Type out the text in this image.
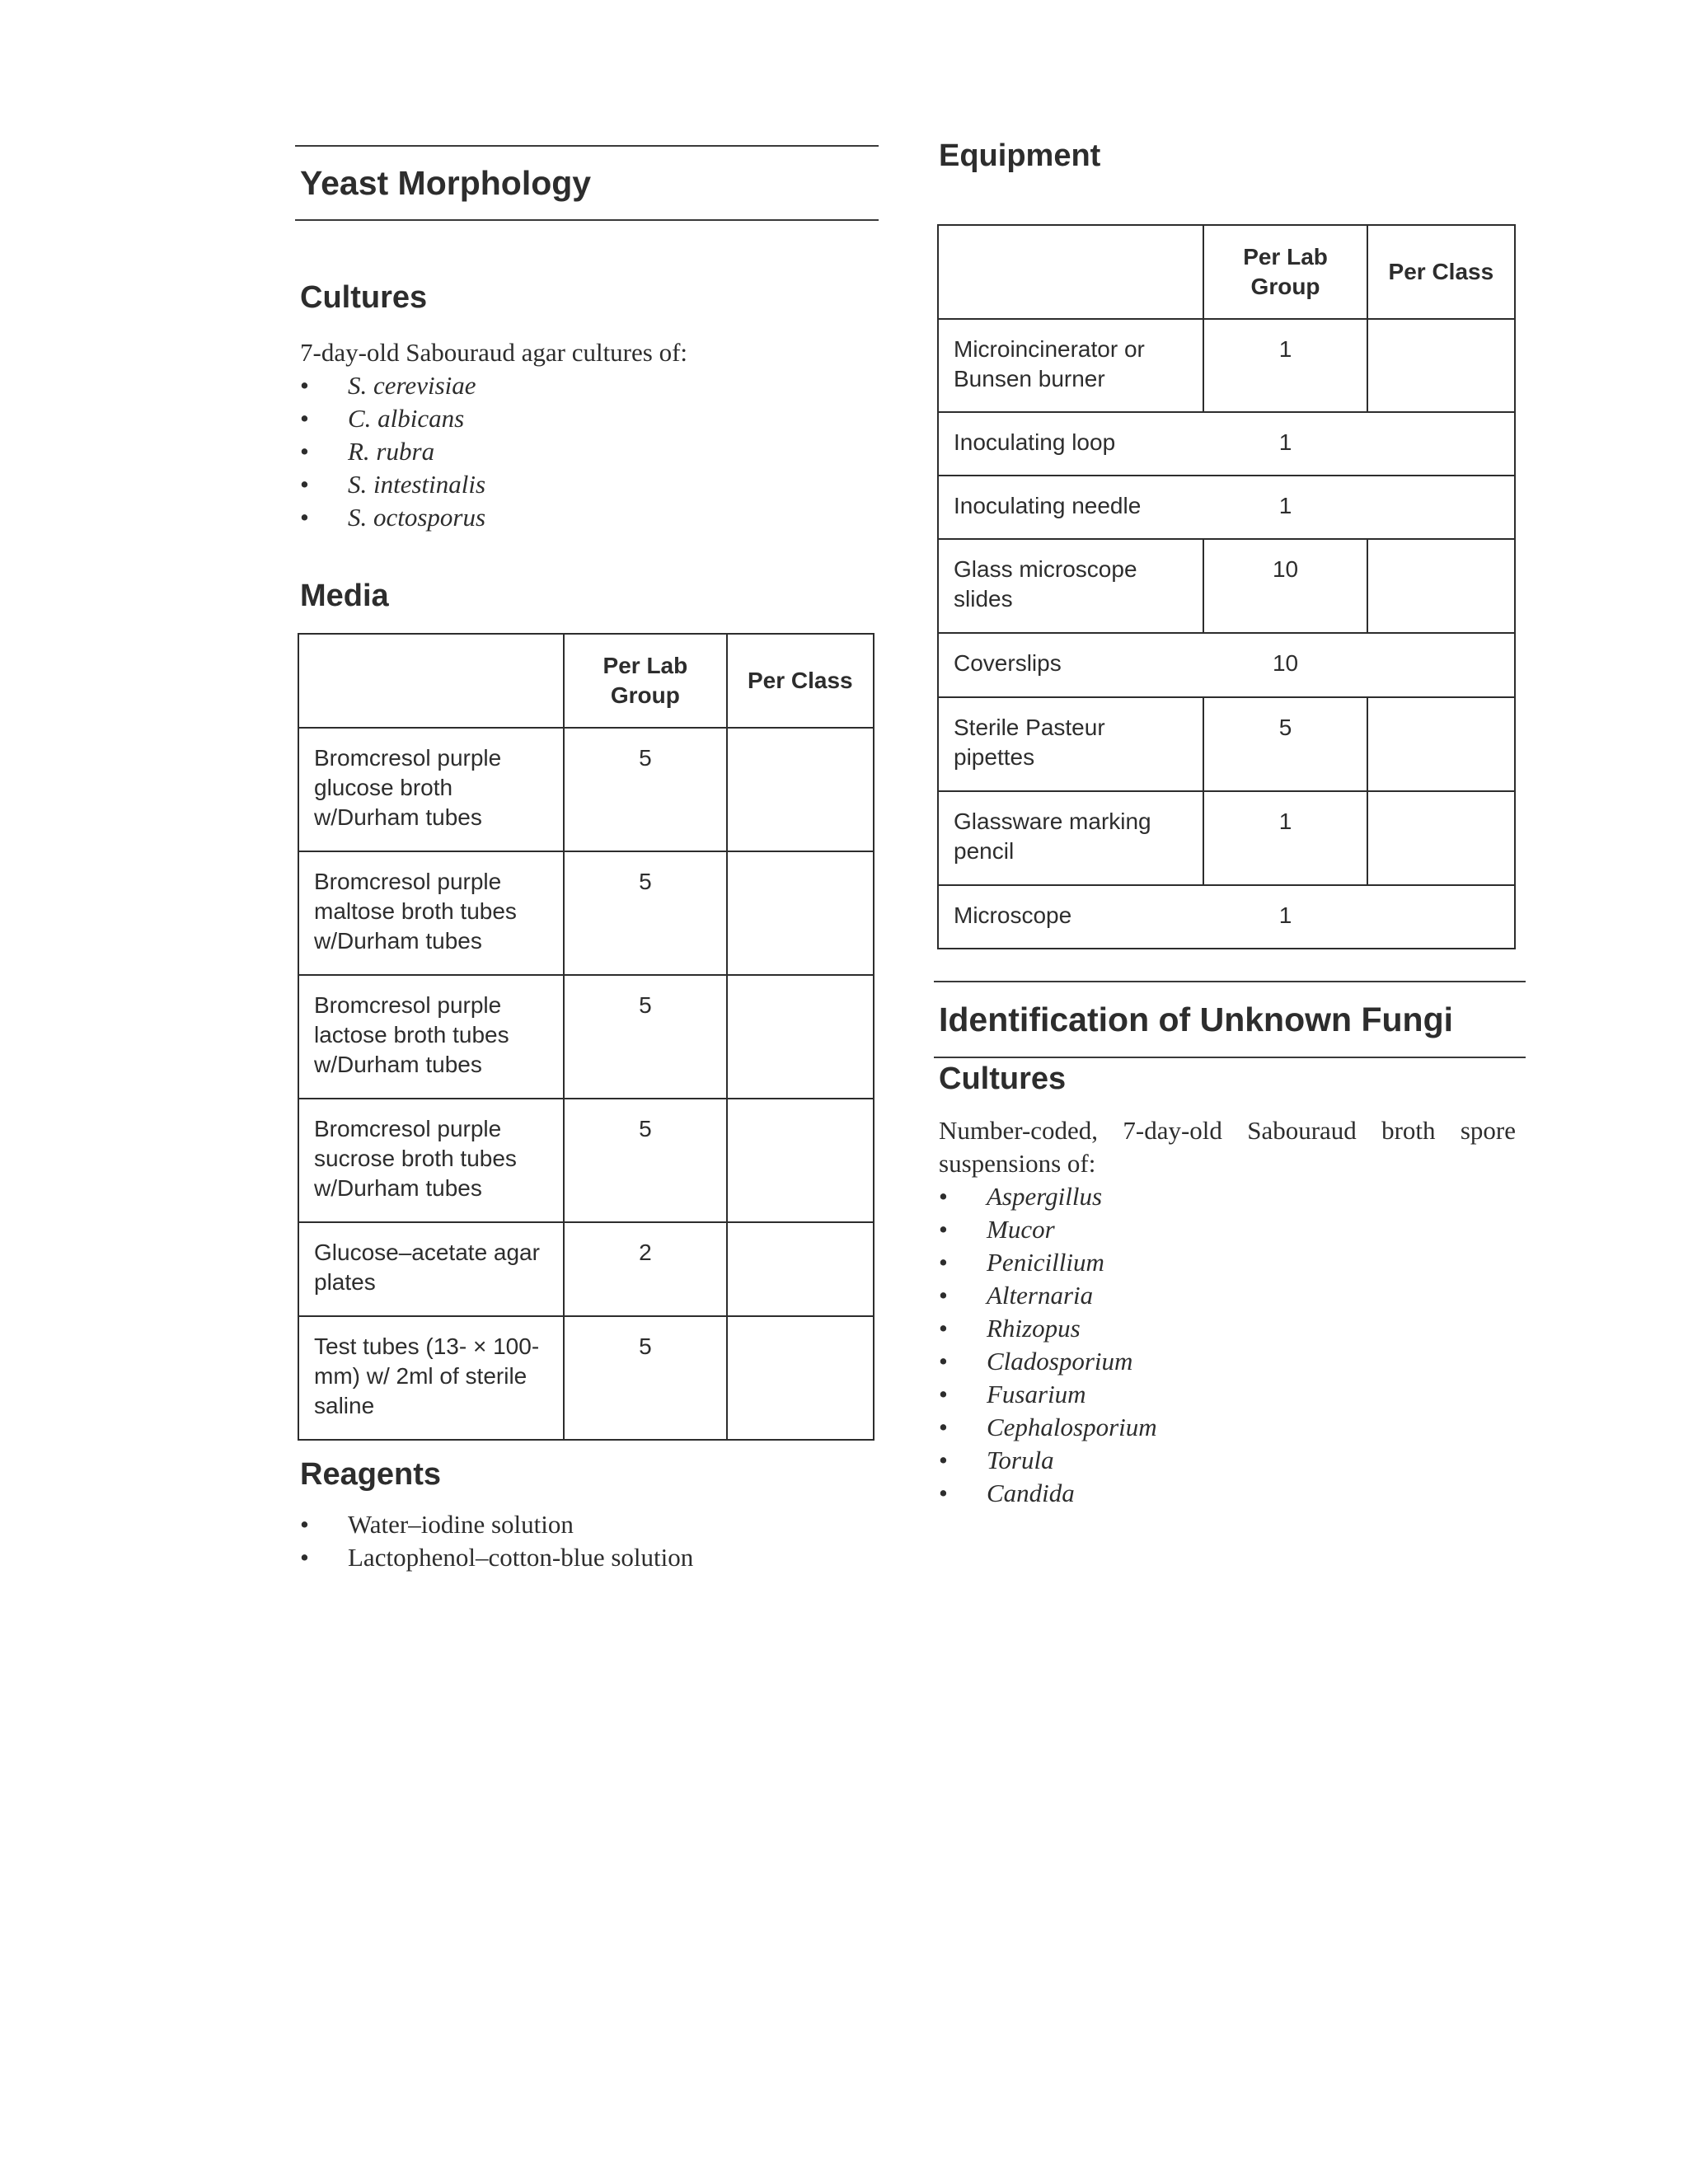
Yeast Morphology
Cultures

7-day-old Sabouraud agar cultures of:

• S. cerevisiae
• C. albicans
• R. rubra
• S. intestinalis
• S. octosporus
Media
	Per Lab Group	Per Class
Bromcresol purple glucose broth w/Durham tubes	5	
Bromcresol purple maltose broth tubes w/Durham tubes	5	
Bromcresol purple lactose broth tubes w/Durham tubes	5	
Bromcresol purple sucrose broth tubes w/Durham tubes	5	
Glucose–acetate agar plates	2	
Test tubes (13- × 100-mm) w/ 2ml of sterile saline	5	
Reagents
• Water–iodine solution
• Lactophenol–cotton-blue solution
Equipment
	Per Lab Group	Per Class
Microincinerator or Bunsen burner	1	
Inoculating loop	1	
Inoculating needle	1	
Glass microscope slides	10	
Coverslips	10	
Sterile Pasteur pipettes	5	
Glassware marking pencil	1	
Microscope	1	
Identification of Unknown Fungi
Cultures

Number-coded, 7-day-old Sabouraud broth spore suspensions of:

• Aspergillus
• Mucor
• Penicillium
• Alternaria
• Rhizopus
• Cladosporium
• Fusarium
• Cephalosporium
• Torula
• Candida
